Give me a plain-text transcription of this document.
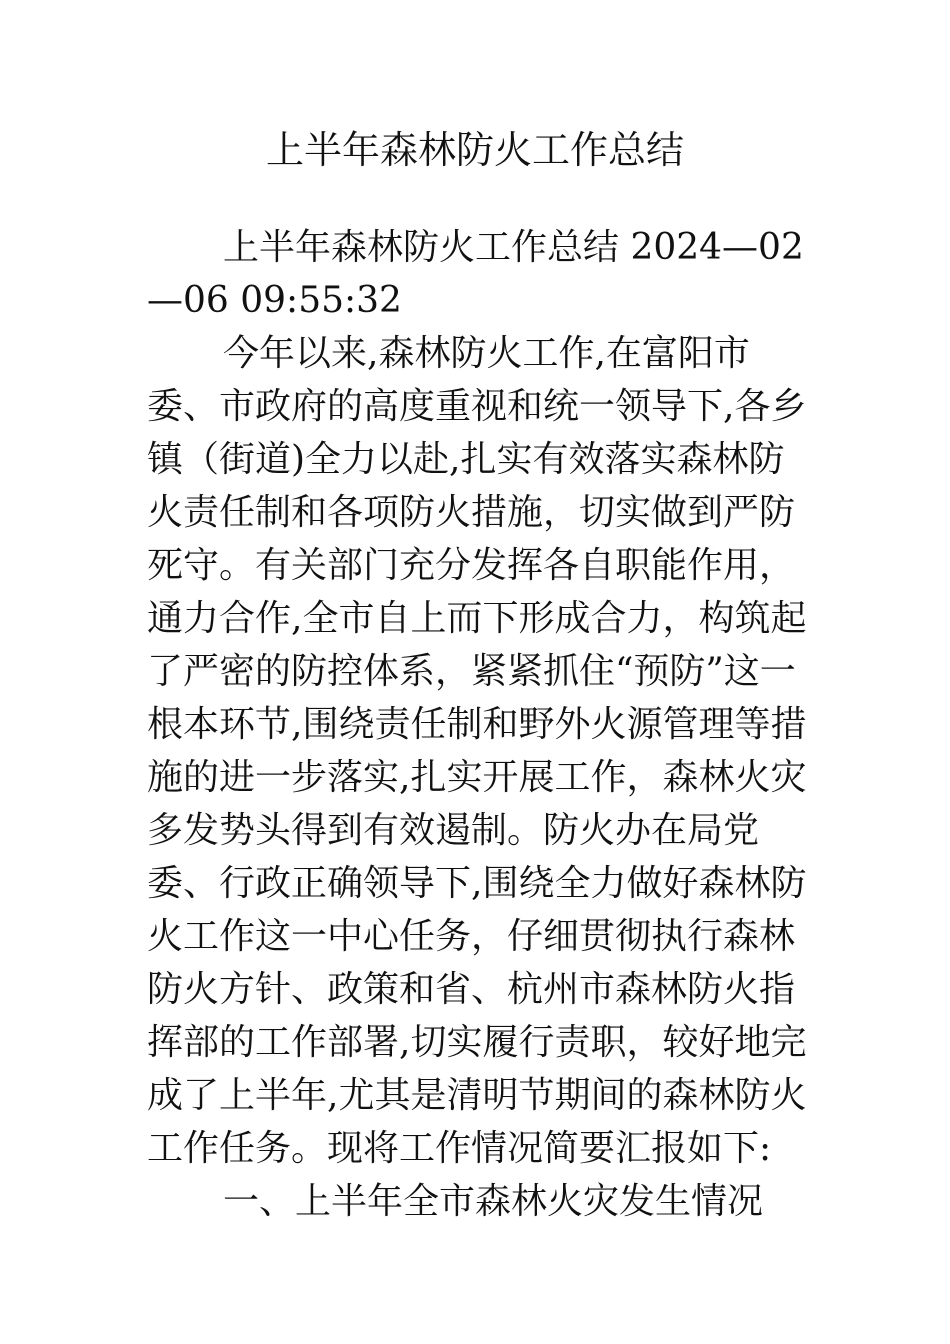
上半年森林防火工作总结

上半年森林防火工作总结 2024—02—06 09:55:32

今年以来,森林防火工作,在富阳市委、市政府的高度重视和统一领导下,各乡镇（街道)全力以赴,扎实有效落实森林防火责任制和各项防火措施，切实做到严防死守。有关部门充分发挥各自职能作用，通力合作,全市自上而下形成合力，构筑起了严密的防控体系，紧紧抓住“预防”这一根本环节,围绕责任制和野外火源管理等措施的进一步落实,扎实开展工作，森林火灾多发势头得到有效遏制。防火办在局党委、行政正确领导下,围绕全力做好森林防火工作这一中心任务，仔细贯彻执行森林防火方针、政策和省、杭州市森林防火指挥部的工作部署,切实履行责职，较好地完成了上半年,尤其是清明节期间的森林防火工作任务。现将工作情况简要汇报如下:

一、上半年全市森林火灾发生情况
